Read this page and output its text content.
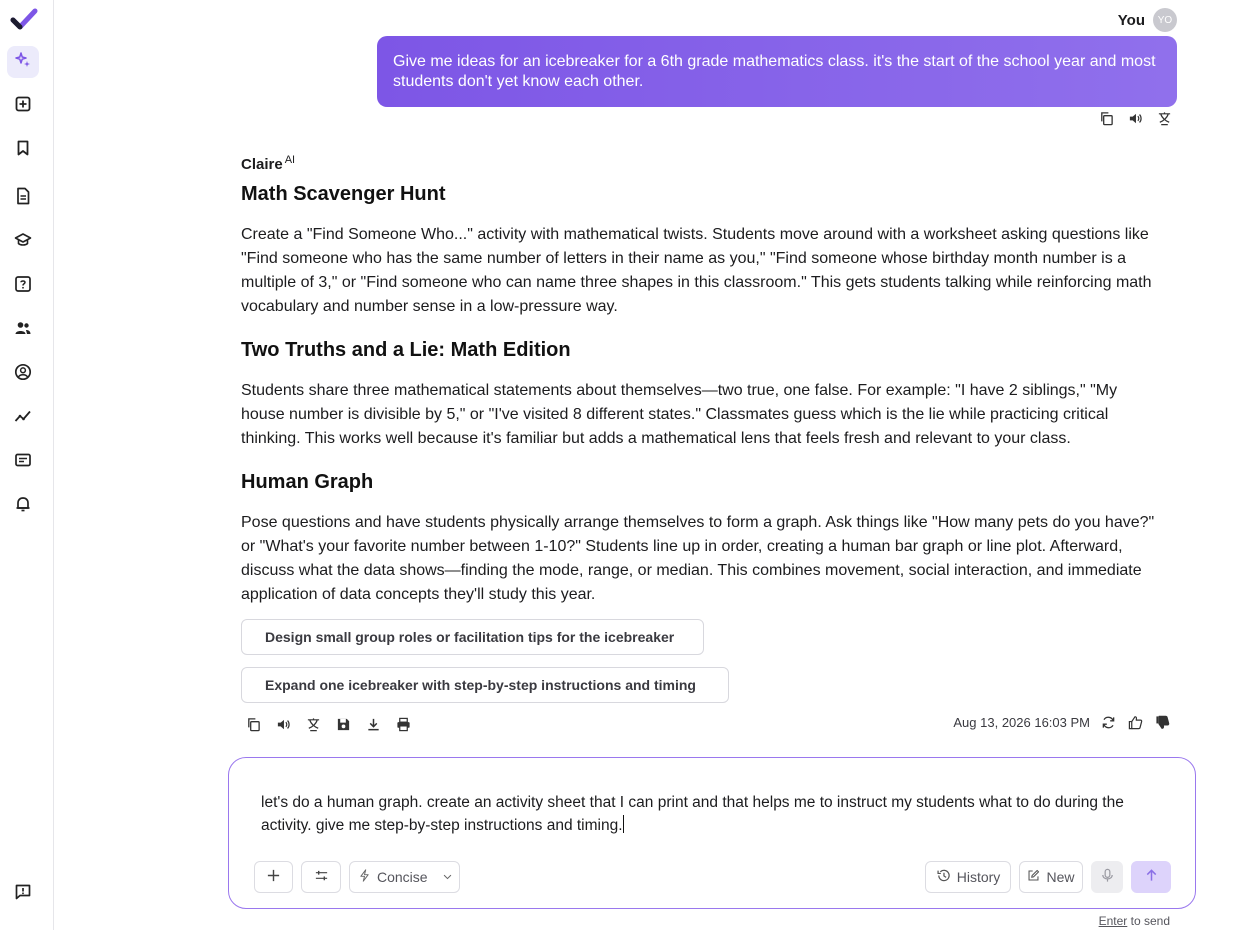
You	YO
Give me ideas for an icebreaker for a 6th grade mathematics class. it's the start of the school year and most students don't yet know each other.
Claire $^{AI}$
Math Scavenger Hunt

Create a "Find Someone Who..." activity with mathematical twists. Students move around with a worksheet asking questions like "Find someone who has the same number of letters in their name as you," "Find someone whose birthday month number is a multiple of 3," or "Find someone who can name three shapes in this classroom." This gets students talking while reinforcing math vocabulary and number sense in a low-pressure way.

Two Truths and a Lie: Math Edition

Students share three mathematical statements about themselves—two true, one false. For example: "I have 2 siblings," "My house number is divisible by 5," or "I've visited 8 different states." Classmates guess which is the lie while practicing critical thinking. This works well because it's familiar but adds a mathematical lens that feels fresh and relevant to your class.

Human Graph

Pose questions and have students physically arrange themselves to form a graph. Ask things like "How many pets do you have?" or "What's your favorite number between 1-10?" Students line up in order, creating a human bar graph or line plot. Afterward, discuss what the data shows—finding the mode, range, or median. This combines movement, social interaction, and immediate application of data concepts they'll study this year.

Design small group roles or facilitation tips for the icebreaker
Expand one icebreaker with step-by-step instructions and timing
Aug 13, 2026 16:03 PM
let's do a human graph. create an activity sheet that I can print and that helps me to instruct my students what to do during the activity. give me step-by-step instructions and timing.
Concise	History	New
Enter to send
